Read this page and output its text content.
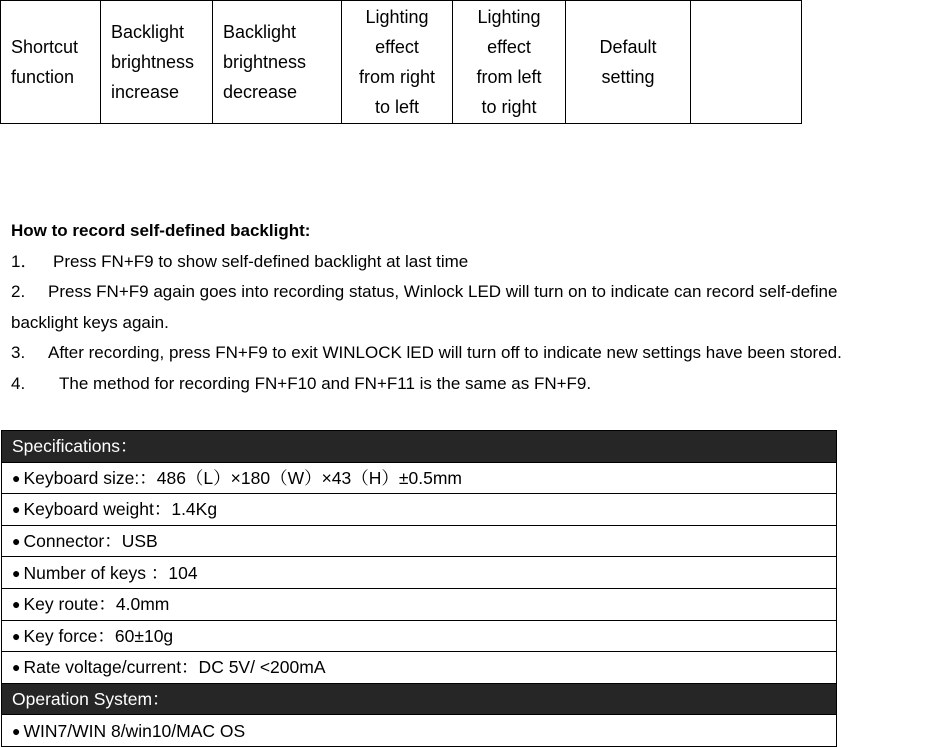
Shortcut
function	Backlight
brightness
increase	Backlight
brightness
decrease	Lighting
effect
from right
to left	Lighting
effect
from left
to right	Default
setting	
How to record self-defined backlight:
1． Press FN+F9 to show self-defined backlight at last time
2. Press FN+F9 again goes into recording status, Winlock LED will turn on to indicate can record self-define
backlight keys again.
3. After recording, press FN+F9 to exit WINLOCK lED will turn off to indicate new settings have been stored.
4. The method for recording FN+F10 and FN+F11 is the same as FN+F9.
Specifications：
● Keyboard size:：486（L）×180（W）×43（H）±0.5mm
● Keyboard weight：1.4Kg
● Connector：USB
● Number of keys ：104
● Key route：4.0mm
● Key force：60±10g
● Rate voltage/current：DC 5V/ <200mA
Operation System：
● WIN7/WIN 8/win10/MAC OS
